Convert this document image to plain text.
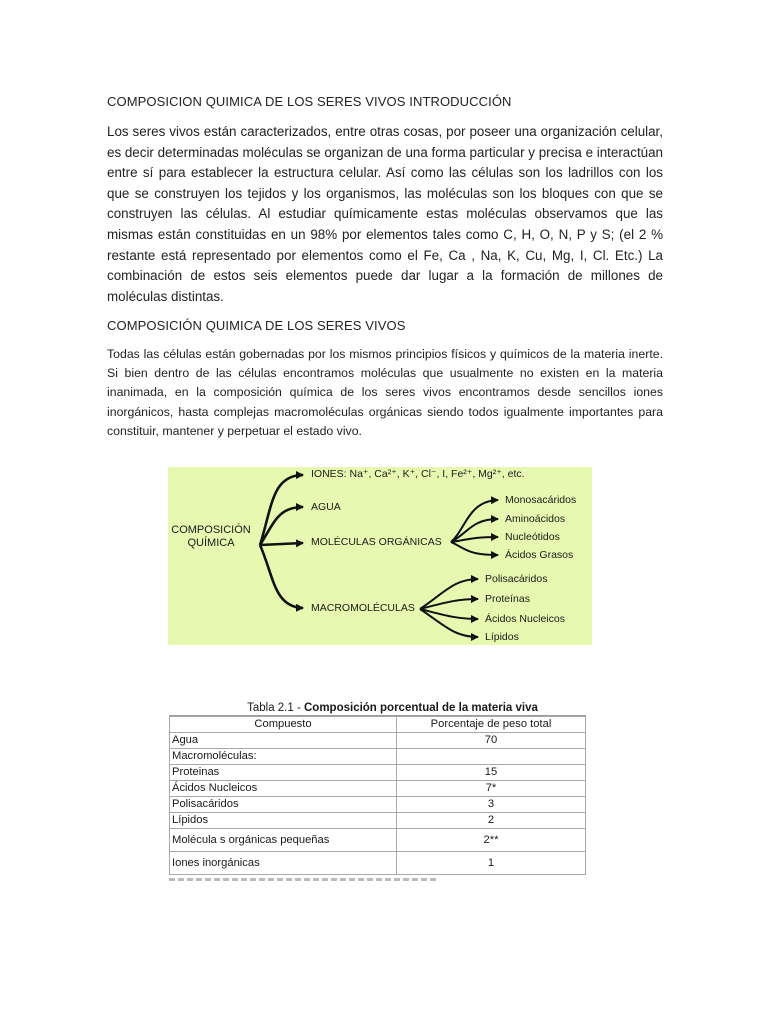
COMPOSICION QUIMICA DE LOS SERES VIVOS INTRODUCCIÓN
Los seres vivos están caracterizados, entre otras cosas, por poseer una organización celular, es decir determinadas moléculas se organizan de una forma particular y precisa e interactúan entre sí para establecer la estructura celular. Así como las células son los ladrillos con los que se construyen los tejidos y los organismos, las moléculas son los bloques con que se construyen las células. Al estudiar químicamente estas moléculas observamos que las mismas están constituidas en un 98% por elementos tales como C, H, O, N, P y S; (el 2 % restante está representado por elementos como el Fe, Ca , Na, K, Cu, Mg, I, Cl. Etc.) La combinación de estos seis elementos puede dar lugar a la formación de millones de moléculas distintas.
COMPOSICIÓN QUIMICA DE LOS SERES VIVOS
Todas las células están gobernadas por los mismos principios físicos y químicos de la materia inerte. Si bien dentro de las células encontramos moléculas que usualmente no existen en la materia inanimada, en la composición química de los seres vivos encontramos desde sencillos iones inorgánicos, hasta complejas macromoléculas orgánicas siendo todos igualmente importantes para constituir, mantener y perpetuar el estado vivo.
COMPOSICIÓN
QUÍMICA
IONES: Na⁺, Ca²⁺, K⁺, Cl⁻, I, Fe²⁺, Mg²⁺, etc.
AGUA
MOLÉCULAS ORGÁNICAS
MACROMOLÉCULAS
Monosacáridos
Aminoácidos
Nucleótidos
Ácidos Grasos
Polisacáridos
Proteínas
Ácidos Nucleicos
Lípidos
Tabla 2.1 - Composición porcentual de la materia viva
Compuesto	Porcentaje de peso total
Agua	70
Macromoléculas:	
Proteinas	15
Ácidos Nucleicos	7*
Polisacáridos	3
Lípidos	2
Molécula s orgánicas pequeñas	2**
Iones inorgánicas	1
